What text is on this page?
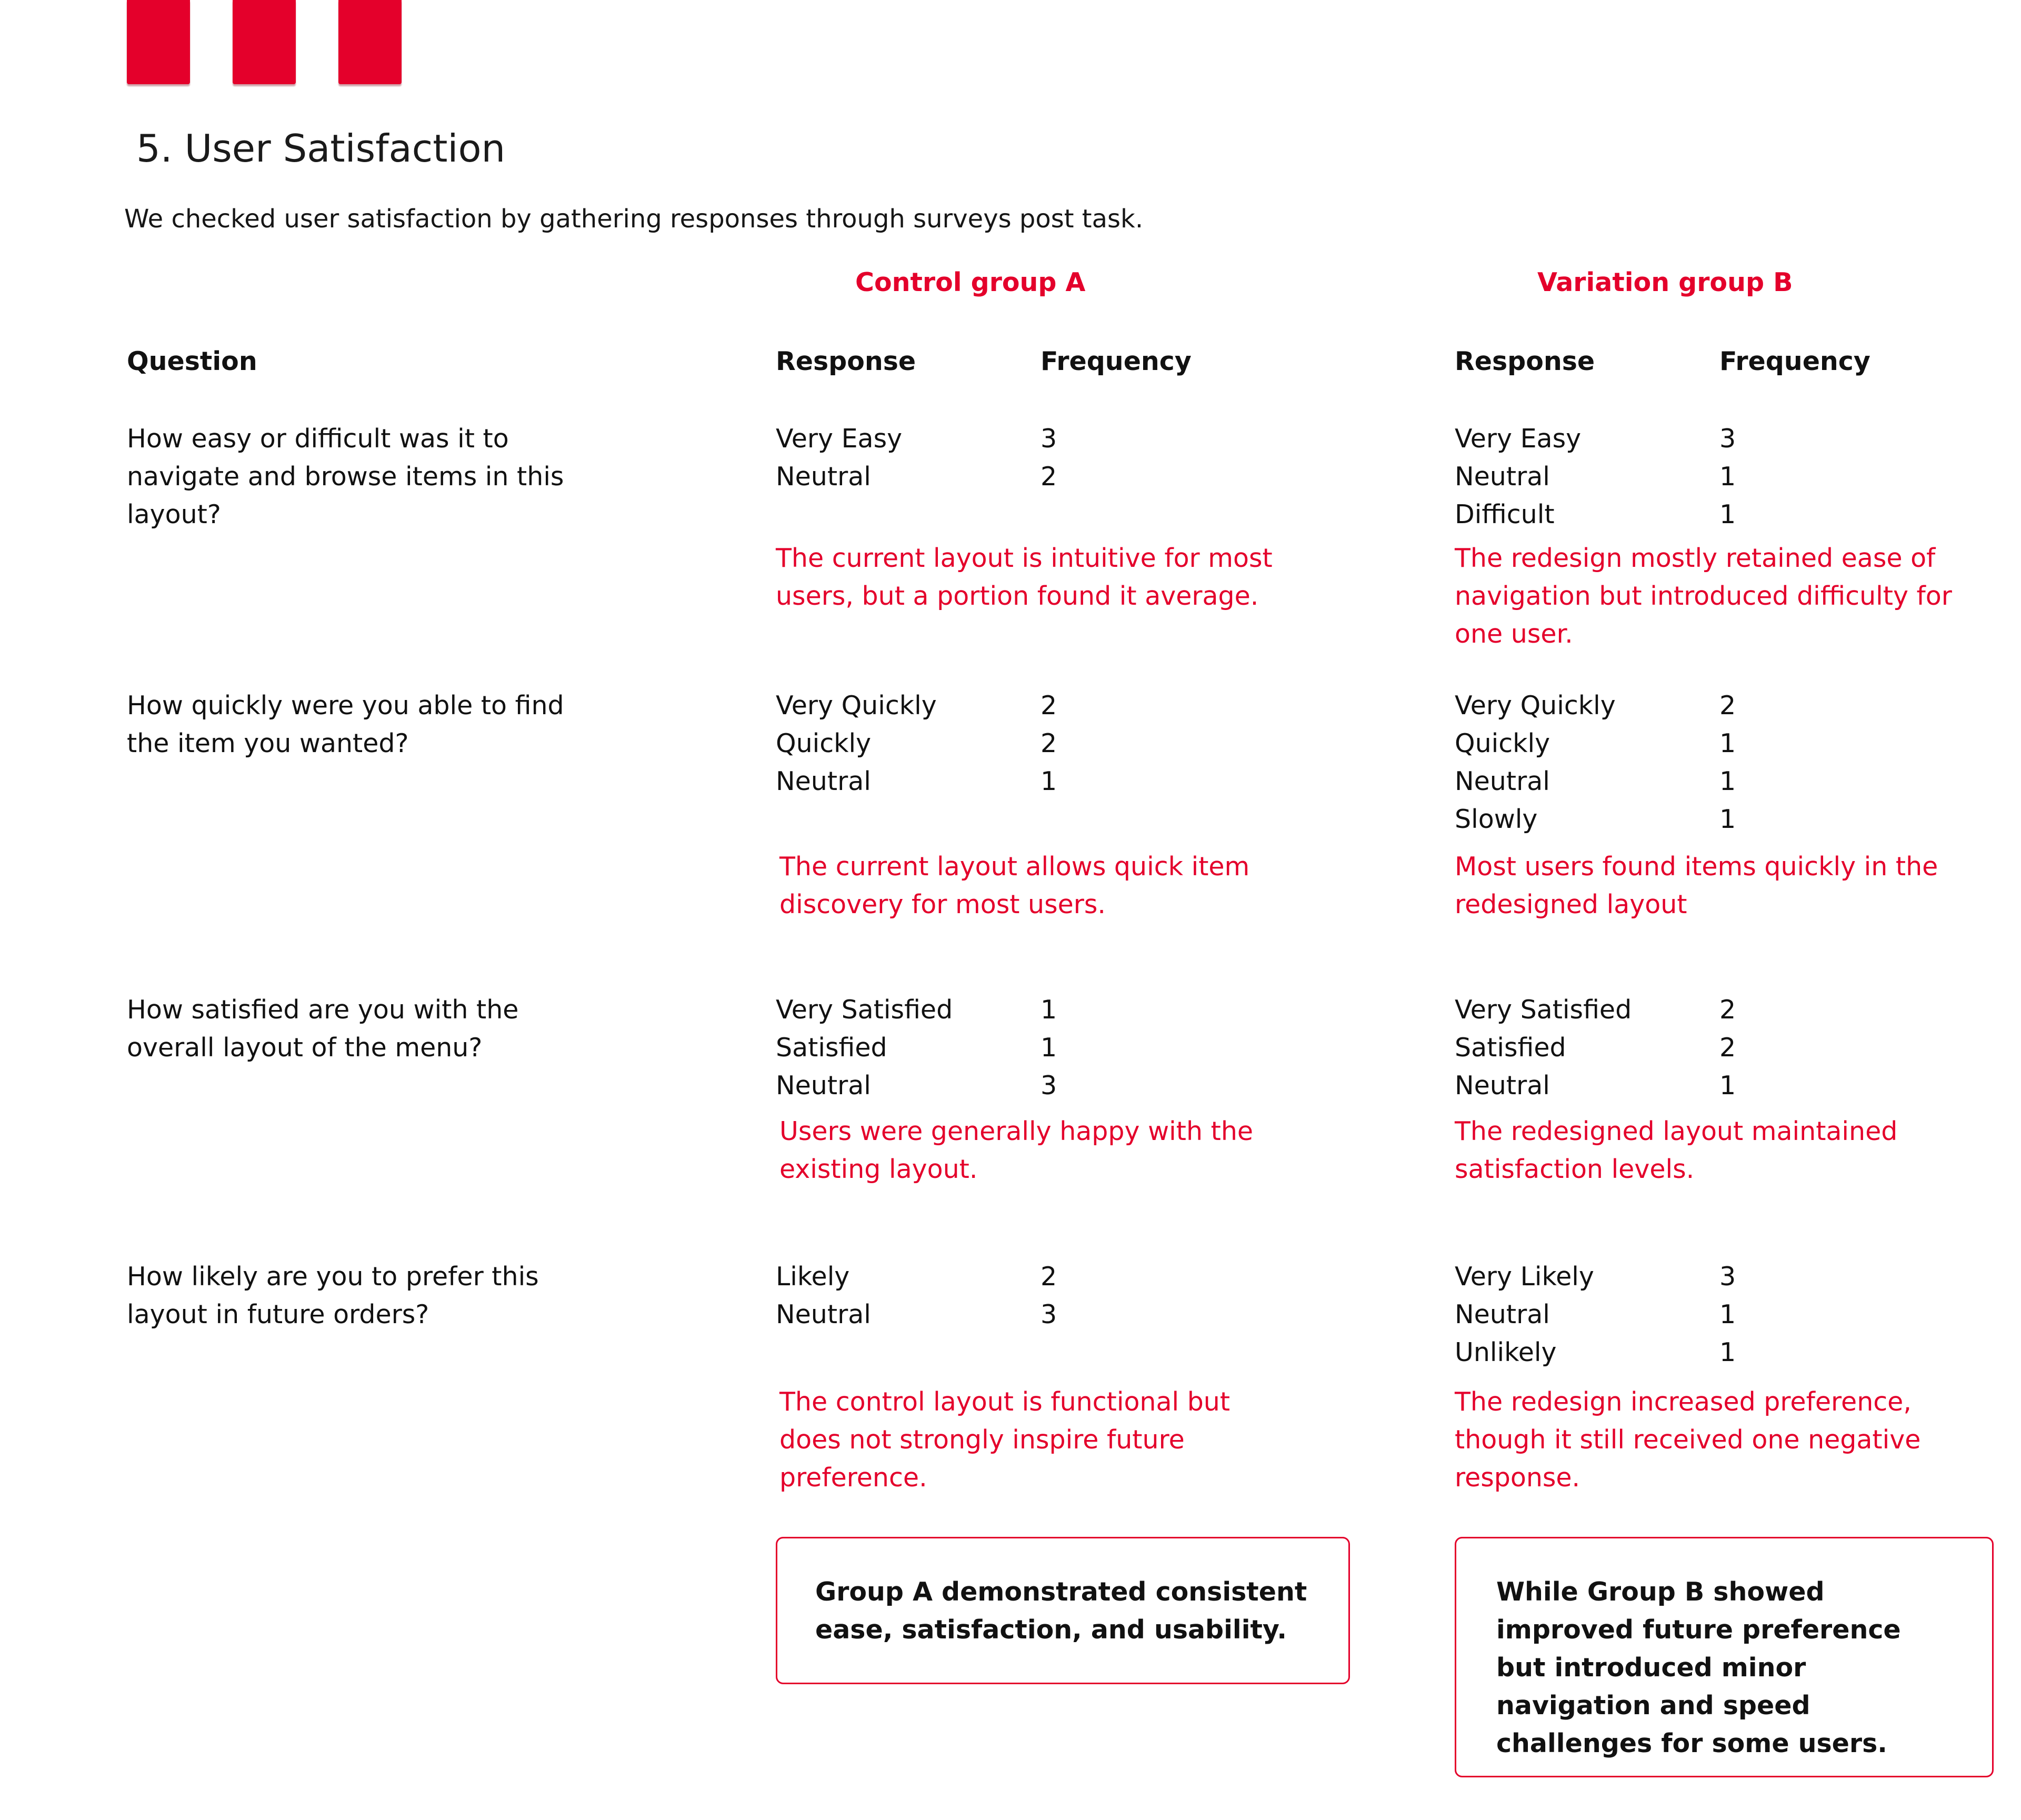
5. User Satisfaction
We checked user satisfaction by gathering responses through surveys post task.
Control group A	Variation group B
Question	Response	Frequency	Response	Frequency
How easy or difficult was it to navigate and browse items in this layout?
Very Easy	3
Neutral	2
The current layout is intuitive for most users, but a portion found it average.
Very Easy	3
Neutral	1
Difficult	1
The redesign mostly retained ease of navigation but introduced difficulty for one user.
How quickly were you able to find the item you wanted?
Very Quickly	2
Quickly	2
Neutral	1
The current layout allows quick item discovery for most users.
Very Quickly	2
Quickly	1
Neutral	1
Slowly	1
Most users found items quickly in the redesigned layout
How satisfied are you with the overall layout of the menu?
Very Satisfied	1
Satisfied	1
Neutral	3
Users were generally happy with the existing layout.
Very Satisfied	2
Satisfied	2
Neutral	1
The redesigned layout maintained satisfaction levels.
How likely are you to prefer this layout in future orders?
Likely	2
Neutral	3
The control layout is functional but does not strongly inspire future preference.
Very Likely	3
Neutral	1
Unlikely	1
The redesign increased preference, though it still received one negative response.

Group A demonstrated consistent ease, satisfaction, and usability.

While Group B showed improved future preference but introduced minor navigation and speed challenges for some users.
